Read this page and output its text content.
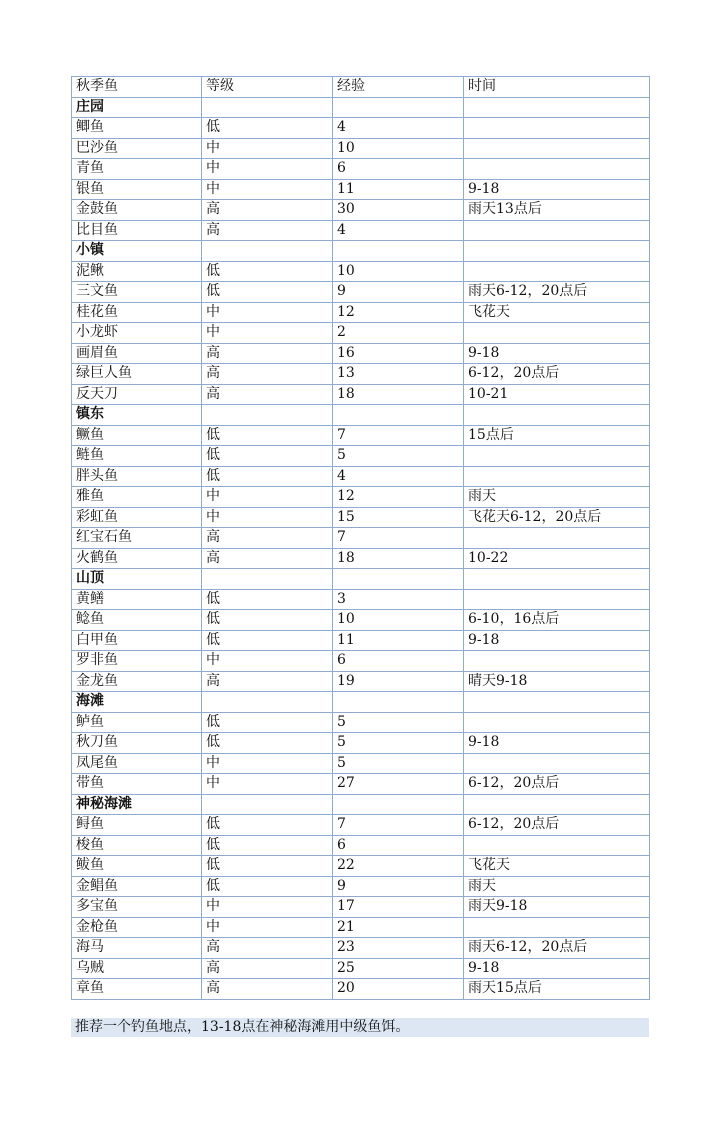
秋季鱼	等级	经验	时间
庄园			
鲫鱼	低	4	
巴沙鱼	中	10	
青鱼	中	6	
银鱼	中	11	9-18
金鼓鱼	高	30	雨天13点后
比目鱼	高	4	
小镇			
泥鳅	低	10	
三文鱼	低	9	雨天6-12，20点后
桂花鱼	中	12	飞花天
小龙虾	中	2	
画眉鱼	高	16	9-18
绿巨人鱼	高	13	6-12，20点后
反天刀	高	18	10-21
镇东			
鳜鱼	低	7	15点后
鲢鱼	低	5	
胖头鱼	低	4	
雅鱼	中	12	雨天
彩虹鱼	中	15	飞花天6-12，20点后
红宝石鱼	高	7	
火鹤鱼	高	18	10-22
山顶			
黄鳝	低	3	
鲶鱼	低	10	6-10，16点后
白甲鱼	低	11	9-18
罗非鱼	中	6	
金龙鱼	高	19	晴天9-18
海滩			
鲈鱼	低	5	
秋刀鱼	低	5	9-18
凤尾鱼	中	5	
带鱼	中	27	6-12，20点后
神秘海滩			
鲟鱼	低	7	6-12，20点后
梭鱼	低	6	
鲅鱼	低	22	飞花天
金鲳鱼	低	9	雨天
多宝鱼	中	17	雨天9-18
金枪鱼	中	21	
海马	高	23	雨天6-12，20点后
乌贼	高	25	9-18
章鱼	高	20	雨天15点后
推荐一个钓鱼地点，13-18点在神秘海滩用中级鱼饵。
